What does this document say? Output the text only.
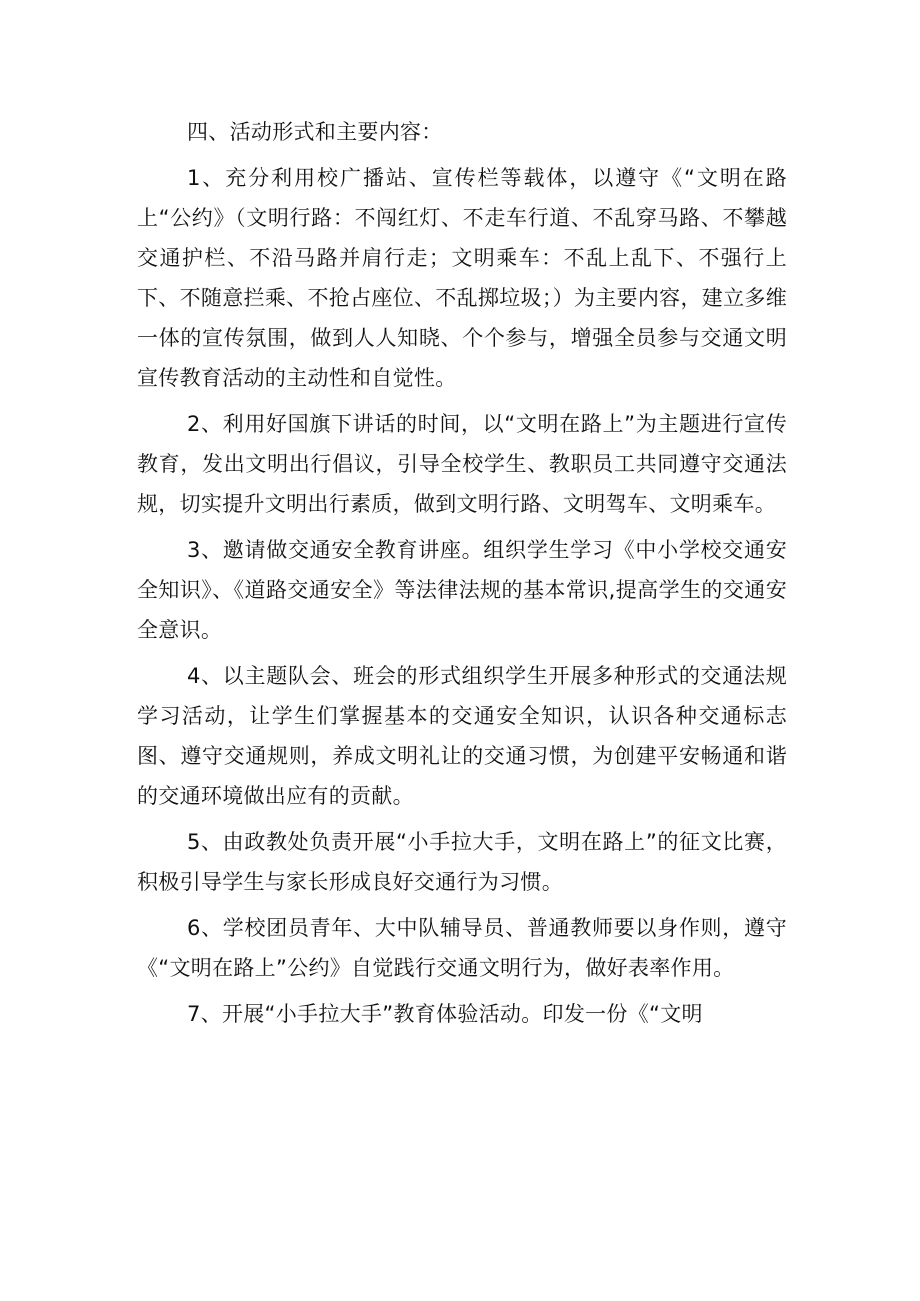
四、活动形式和主要内容：

1、充分利用校广播站、宣传栏等载体，以遵守《“文明在路上“公约》（文明行路：不闯红灯、不走车行道、不乱穿马路、不攀越交通护栏、不沿马路并肩行走；文明乘车：不乱上乱下、不强行上下、不随意拦乘、不抢占座位、不乱掷垃圾；）为主要内容，建立多维一体的宣传氛围，做到人人知晓、个个参与，增强全员参与交通文明宣传教育活动的主动性和自觉性。

2、利用好国旗下讲话的时间，以“文明在路上”为主题进行宣传教育，发出文明出行倡议，引导全校学生、教职员工共同遵守交通法规，切实提升文明出行素质，做到文明行路、文明驾车、文明乘车。

3、邀请做交通安全教育讲座。组织学生学习《中小学校交通安全知识》、《道路交通安全》等法律法规的基本常识,提高学生的交通安全意识。

4、以主题队会、班会的形式组织学生开展多种形式的交通法规学习活动，让学生们掌握基本的交通安全知识，认识各种交通标志图、遵守交通规则，养成文明礼让的交通习惯，为创建平安畅通和谐的交通环境做出应有的贡献。

5、由政教处负责开展“小手拉大手，文明在路上”的征文比赛，积极引导学生与家长形成良好交通行为习惯。

6、学校团员青年、大中队辅导员、普通教师要以身作则，遵守《“文明在路上”公约》自觉践行交通文明行为，做好表率作用。

7、开展“小手拉大手”教育体验活动。印发一份《“文明
